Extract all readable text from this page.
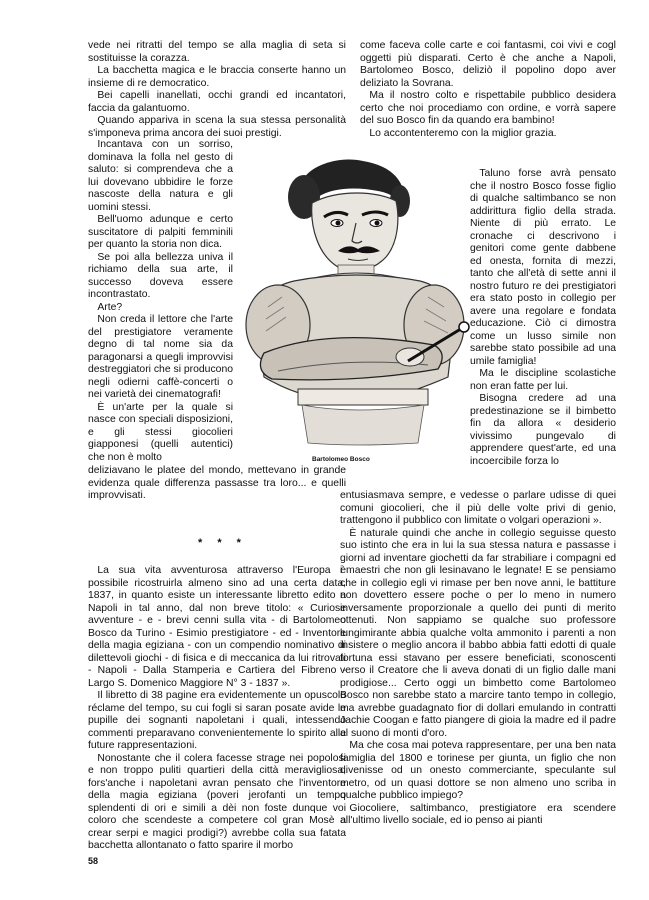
vede nei ritratti del tempo se alla maglia di seta si sostituisse la corazza.

La bacchetta magica e le braccia conserte hanno un insieme di re democratico.

Bei capelli inanellati, occhi grandi ed incantatori, faccia da galantuomo.

Quando appariva in scena la sua stessa personalità s'imponeva prima ancora dei suoi prestigi.

Incantava con un sorriso, dominava la folla nel gesto di saluto: si comprendeva che a lui dovevano ubbidire le forze nascoste della natura e gli uomini stessi.

Bell'uomo adunque e certo suscitatore di palpiti femminili per quanto la storia non dica.

Se poi alla bellezza univa il richiamo della sua arte, il successo doveva essere incontrastato.

Arte?

Non creda il lettore che l'arte del prestigiatore veramente degno di tal nome sia da paragonarsi a quegli improvvisi destreggiatori che si producono negli odierni caffè-concerti o nei varietà dei cinematografi!

È un'arte per la quale si nasce con speciali disposizioni, e gli stessi giocolieri giapponesi (quelli autentici) che non è molto

deliziavano le platee del mondo, mettevano in grande evidenza quale differenza passasse tra loro... e quelli improvvisati.

* * *

La sua vita avventurosa attraverso l'Europa è possibile ricostruirla almeno sino ad una certa data, 1837, in quanto esiste un interessante libretto edito a Napoli in tal anno, dal non breve titolo: « Curiose avventure - e - brevi cenni sulla vita - di Bartolomeo Bosco da Turino - Esimio prestigiatore - ed - Inventore della magia egiziana - con un compendio nominativo di dilettevoli giochi - di fisica e di meccanica da lui ritrovati - Napoli - Dalla Stamperia e Cartiera del Fibreno - Largo S. Domenico Maggiore N° 3 - 1837 ».

Il libretto di 38 pagine era evidentemente un opuscolo réclame del tempo, su cui fogli si saran posate avide le pupille dei sognanti napoletani i quali, intessendo commenti preparavano convenientemente lo spirito alle future rappresentazioni.

Nonostante che il colera facesse strage nei popolosi e non troppo puliti quartieri della città meravigliosa, fors'anche i napoletani avran pensato che l'inventore della magia egiziana (poveri jerofanti un tempo splendenti di ori e simili a dèi non foste dunque voi coloro che scendeste a competere col gran Mosè a crear serpi e magici prodigi?) avrebbe colla sua fatata bacchetta allontanato o fatto sparire il morbo

come faceva colle carte e coi fantasmi, coi vivi e cogl oggetti più disparati. Certo è che anche a Napoli, Bartolomeo Bosco, deliziò il popolino dopo aver deliziato la Sovrana.

Ma il nostro colto e rispettabile pubblico desidera certo che noi procediamo con ordine, e vorrà sapere del suo Bosco fin da quando era bambino!

Lo accontenteremo con la miglior grazia.

Taluno forse avrà pensato che il nostro Bosco fosse figlio di qualche saltimbanco se non addirittura figlio della strada. Niente di più errato. Le cronache ci descrivono i genitori come gente dabbene ed onesta, fornita di mezzi, tanto che all'età di sette anni il nostro futuro re dei prestigiatori era stato posto in collegio per avere una regolare e fondata educazione. Ciò ci dimostra come un lusso simile non sarebbe stato possibile ad una umile famiglia!

Ma le discipline scolastiche non eran fatte per lui.

Bisogna credere ad una predestinazione se il bimbetto fin da allora « desiderio vivissimo pungevalo di apprendere quest'arte, ed una incoercibile forza lo

entusiasmava sempre, e vedesse o parlare udisse di quei comuni giocolieri, che il più delle volte privi di genio, trattengono il pubblico con limitate o volgari operazioni ».

È naturale quindi che anche in collegio seguisse questo suo istinto che era in lui la sua stessa natura e passasse i giorni ad inventare giochetti da far strabiliare i compagni ed i maestri che non gli lesinavano le legnate! E se pensiamo che in collegio egli vi rimase per ben nove anni, le battiture non dovettero essere poche o per lo meno in numero inversamente proporzionale a quello dei punti di merito ottenuti. Non sappiamo se qualche suo professore lungimirante abbia qualche volta ammonito i parenti a non insistere o meglio ancora il babbo abbia fatti edotti di quale fortuna essi stavano per essere beneficiati, sconoscenti verso il Creatore che li aveva donati di un figlio dalle mani prodigiose... Certo oggi un bimbetto come Bartolomeo Bosco non sarebbe stato a marcire tanto tempo in collegio, ma avrebbe guadagnato fior di dollari emulando in contratti Jachie Coogan e fatto piangere di gioia la madre ed il padre al suono di monti d'oro.

Ma che cosa mai poteva rappresentare, per una ben nata famiglia del 1800 e torinese per giunta, un figlio che non divenisse od un onesto commerciante, speculante sul metro, od un quasi dottore se non almeno uno scriba in qualche pubblico impiego?

Giocoliere, saltimbanco, prestigiatore era scendere all'ultimo livello sociale, ed io penso ai pianti

Bartolomeo Bosco
58
